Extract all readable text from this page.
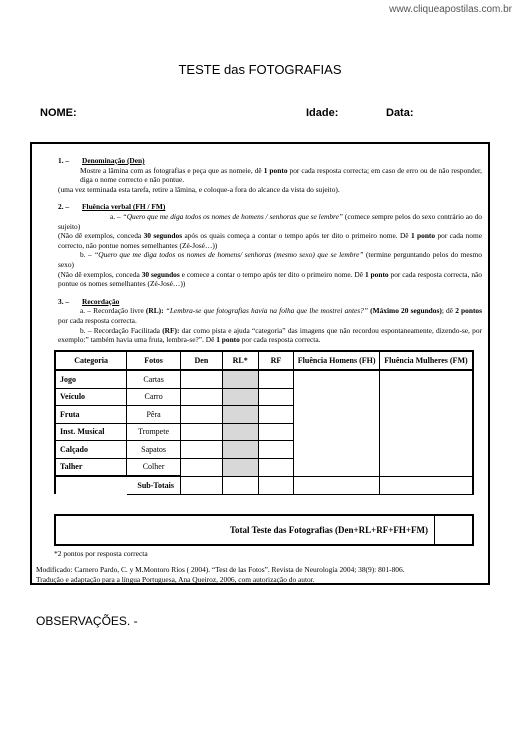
www.cliqueapostilas.com.br
TESTE das FOTOGRAFIAS
NOME:	Idade:	Data:

1. – Denominação (Den)

Mostre a lâmina com as fotografias e peça que as nomeie, dê 1 ponto por cada resposta correcta; em caso de erro ou de não responder, diga o nome correcto e não pontue.

(uma vez terminada esta tarefa, retire a lâmina, e coloque-a fora do alcance da vista do sujeito).

2. – Fluência verbal (FH / FM)

a. – “Quero que me diga todos os nomes de homens / senhoras que se lembre” (comece sempre pelos do sexo contrário ao do sujeito)

(Não dê exemplos, conceda 30 segundos após os quais começa a contar o tempo após ter dito o primeiro nome. Dê 1 ponto por cada nome correcto, não pontue nomes semelhantes (Zé-José…))

b. – “Quero que me diga todos os nomes de homens/ senhoras (mesmo sexo) que se lembre” (termine perguntando pelos do mesmo sexo)

(Não dê exemplos, conceda 30 segundos e comece a contar o tempo após ter dito o primeiro nome. Dê 1 ponto por cada resposta correcta, não pontue os nomes semelhantes (Zé-José…))

3. – Recordação

a. – Recordação livre (RL): “Lembra-se que fotografias havia na folha que lhe mostrei antes?” (Máximo 20 segundos); dê 2 pontos por cada resposta correcta.

b. – Recordação Facilitada (RF): dar como pista e ajuda “categoria” das imagens que não recordou espontaneamente, dizendo-se, por exemplo:” também havia uma fruta, lembra-se?”. Dê 1 ponto por cada resposta correcta.

Categoria	Fotos	Den	RL*	RF	Fluência Homens (FH)	Fluência Mulheres (FM)
Jogo	Cartas					
Veículo	Carro					
Fruta	Pêra					
Inst. Musical	Trompete					
Calçado	Sapatos					
Talher	Colher					
	Sub-Totais					
Total Teste das Fotografias (Den+RL+RF+FH+FM)
*2 pontos por resposta correcta
Modificado: Carnero Pardo, C. y M.Montoro Ríos ( 2004). “Test de las Fotos”. Revista de Neurología 2004; 38(9): 801-806.
Tradução e adaptação para a língua Portuguesa, Ana Queiroz, 2006, com autorização do autor.
OBSERVAÇÕES. -
